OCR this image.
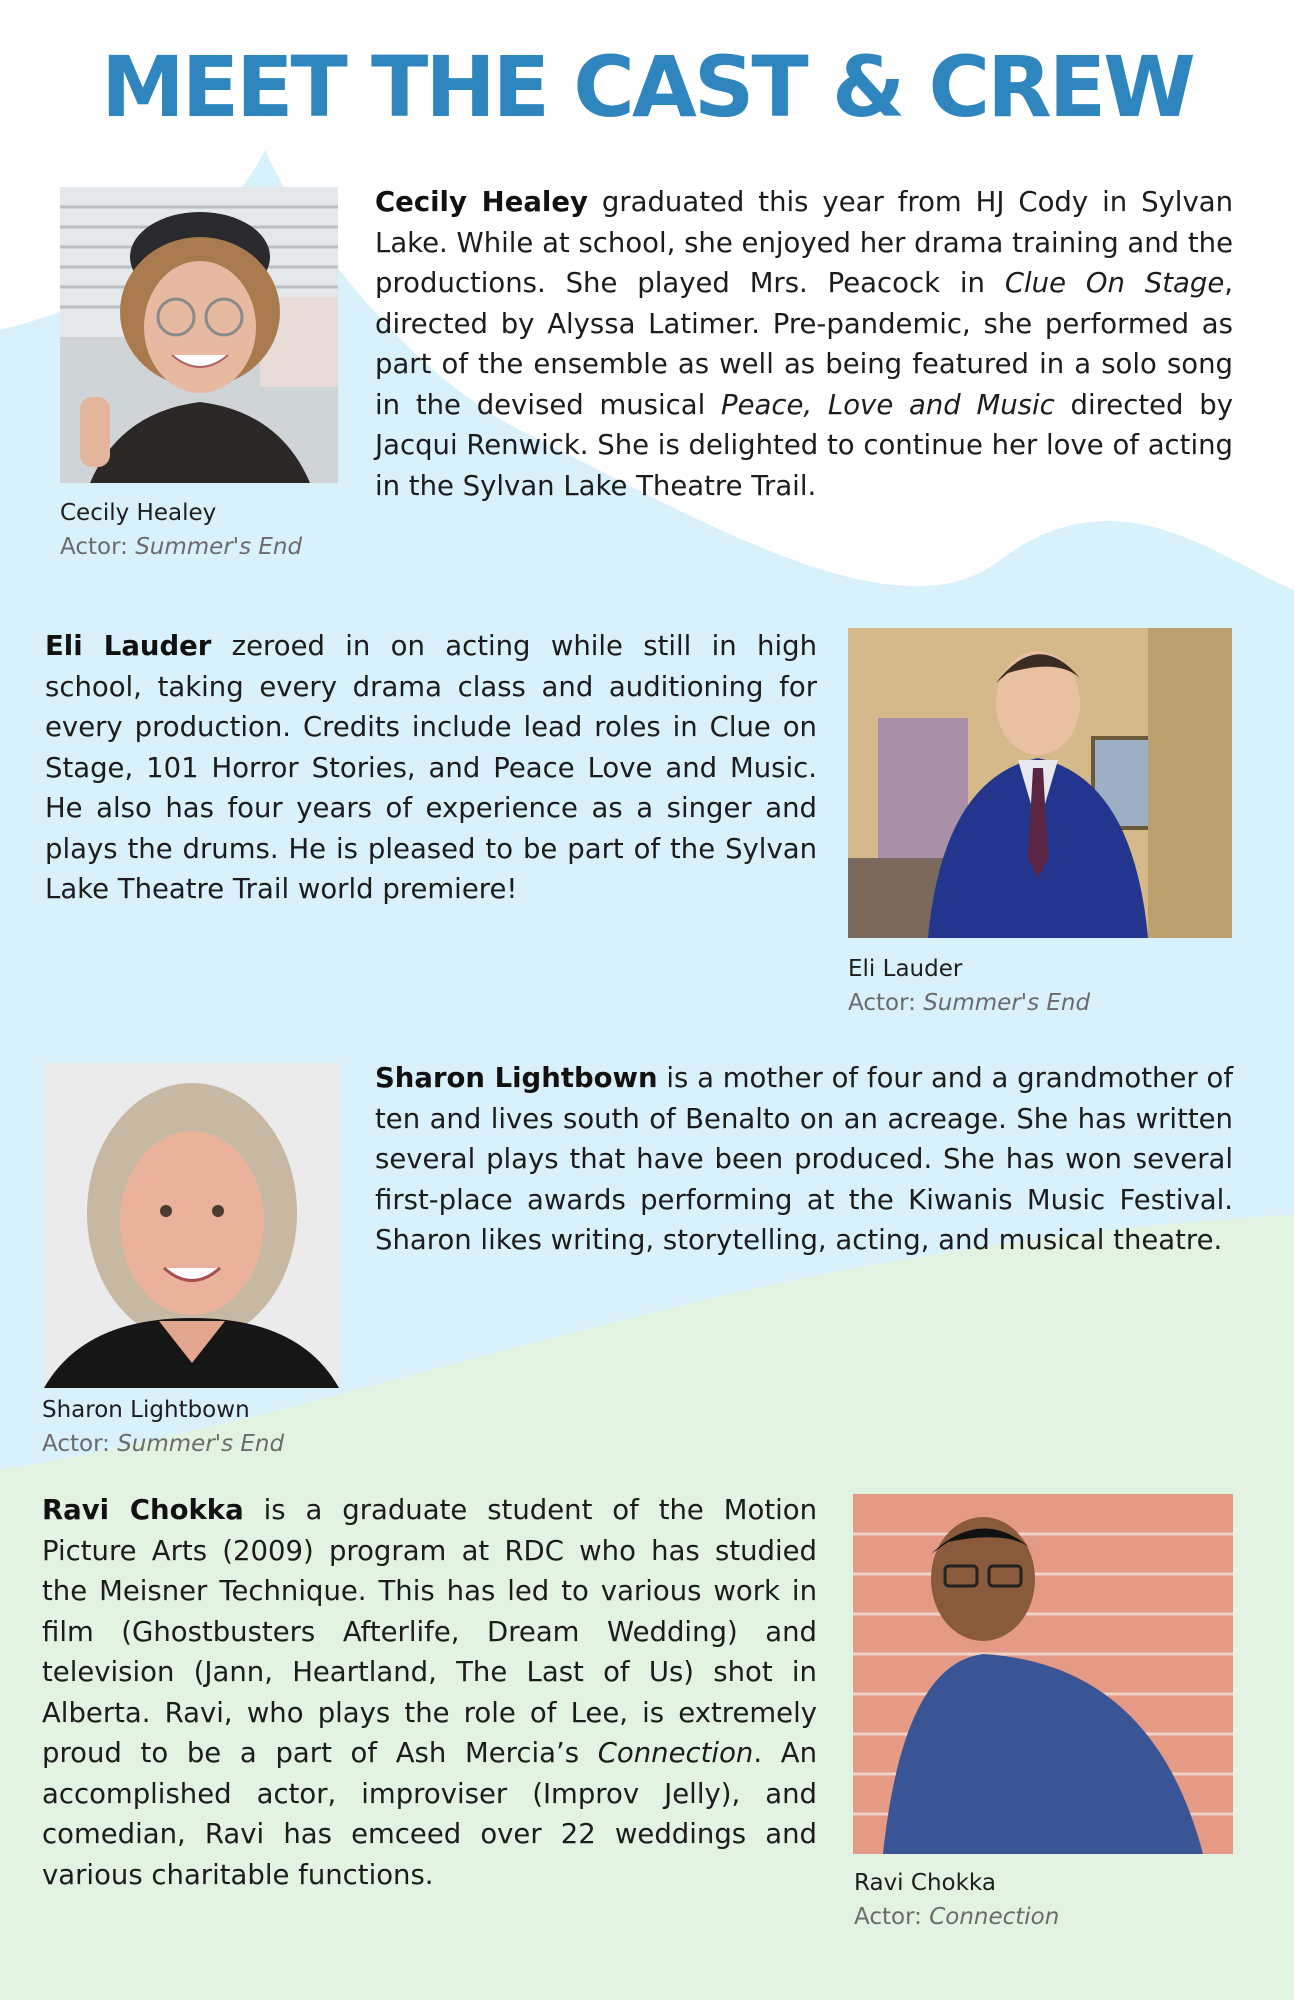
MEET THE CAST & CREW
Cecily Healey
Actor: Summer's End

Cecily Healey graduated this year from HJ Cody in Sylvan Lake. While at school, she enjoyed her drama training and the productions. She played Mrs. Peacock in Clue On Stage, directed by Alyssa Latimer. Pre-pandemic, she performed as part of the ensemble as well as being featured in a solo song in the devised musical Peace, Love and Music directed by Jacqui Renwick. She is delighted to continue her love of acting in the Sylvan Lake Theatre Trail.

Eli Lauder
Actor: Summer's End

Eli Lauder zeroed in on acting while still in high school, taking every drama class and auditioning for every production. Credits include lead roles in Clue on Stage, 101 Horror Stories, and Peace Love and Music. He also has four years of experience as a singer and plays the drums. He is pleased to be part of the Sylvan Lake Theatre Trail world premiere!

Sharon Lightbown
Actor: Summer's End

Sharon Lightbown is a mother of four and a grandmother of ten and lives south of Benalto on an acreage. She has written several plays that have been produced. She has won several first-place awards performing at the Kiwanis Music Festival. Sharon likes writing, storytelling, acting, and musical theatre.

Ravi Chokka
Actor: Connection

Ravi Chokka is a graduate student of the Motion Picture Arts (2009) program at RDC who has studied the Meisner Technique. This has led to various work in film (Ghostbusters Afterlife, Dream Wedding) and television (Jann, Heartland, The Last of Us) shot in Alberta. Ravi, who plays the role of Lee, is extremely proud to be a part of Ash Mercia’s Connection. An accomplished actor, improviser (Improv Jelly), and comedian, Ravi has emceed over 22 weddings and various charitable functions.
